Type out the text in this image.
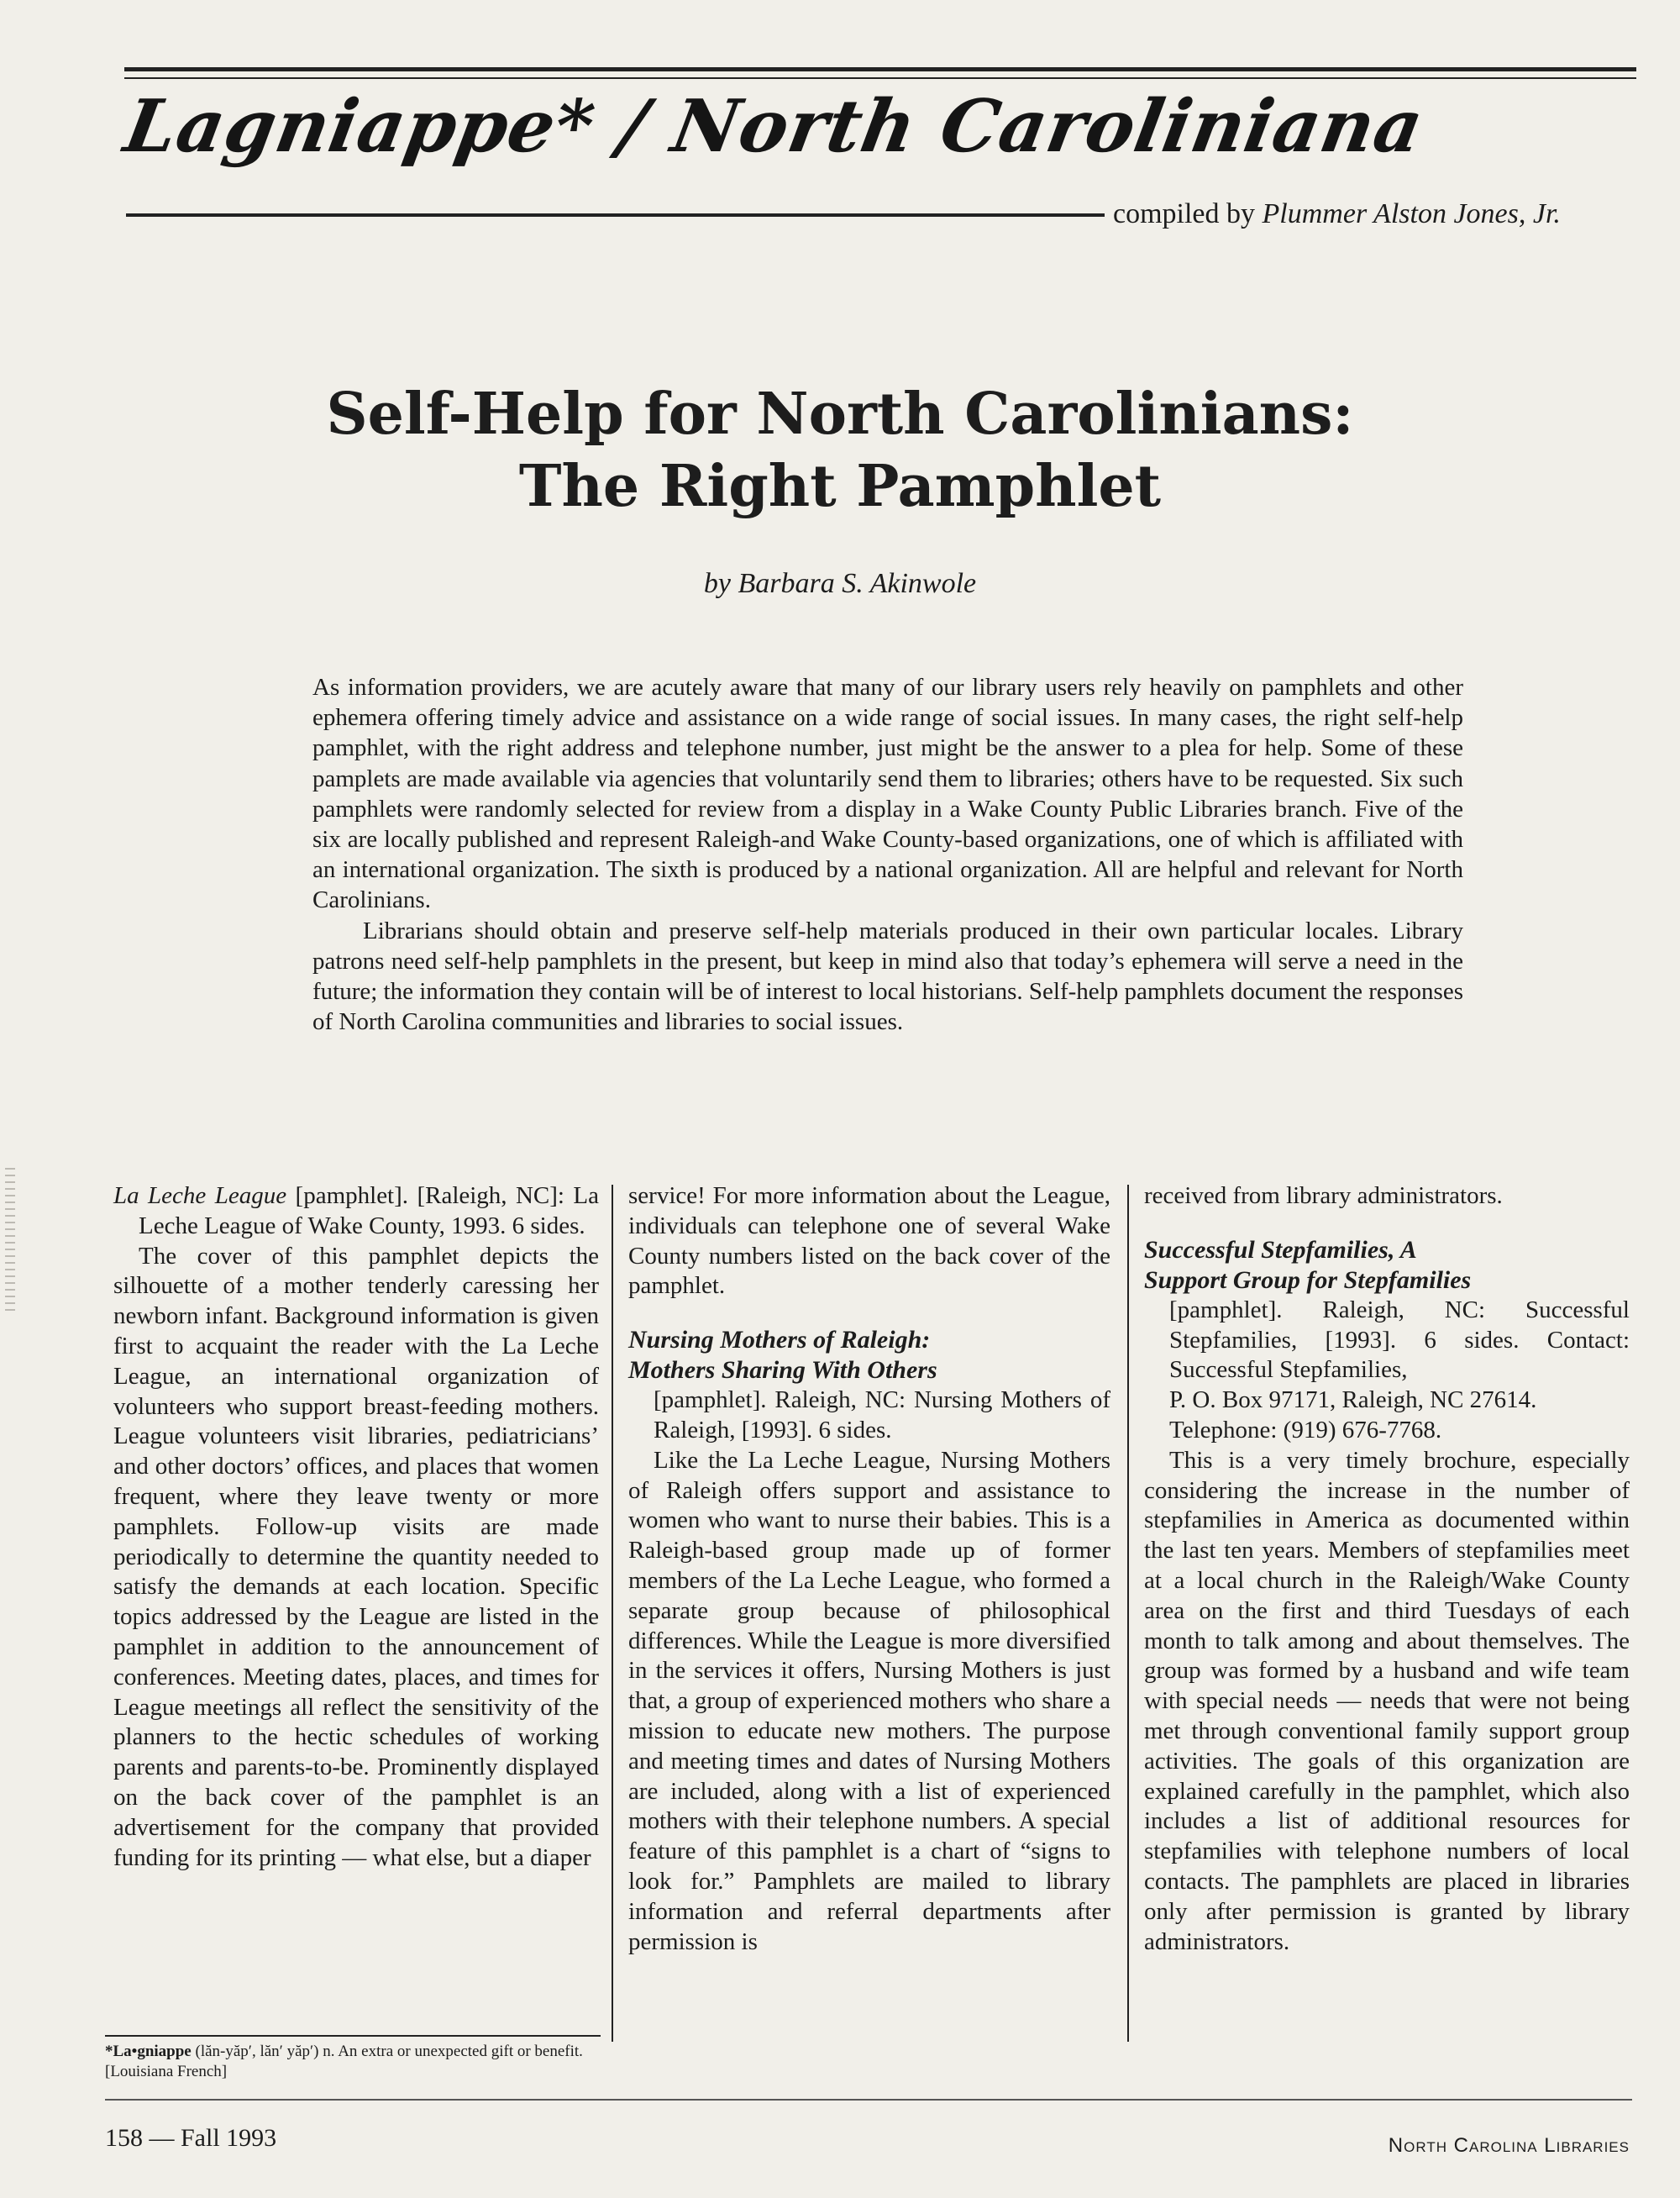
Lagniappe* / North Caroliniana
compiled by Plummer Alston Jones, Jr.
Self-Help for North Carolinians:
The Right Pamphlet
by Barbara S. Akinwole

As information providers, we are acutely aware that many of our library users rely heavily on pamphlets and other ephemera offering timely advice and assistance on a wide range of social issues. In many cases, the right self-help pamphlet, with the right address and telephone number, just might be the answer to a plea for help. Some of these pamplets are made available via agencies that voluntarily send them to libraries; others have to be requested. Six such pamphlets were randomly selected for review from a display in a Wake County Public Libraries branch. Five of the six are locally published and represent Raleigh-and Wake County-based organizations, one of which is affiliated with an international organization. The sixth is produced by a national organization. All are helpful and relevant for North Carolinians.

Librarians should obtain and preserve self-help materials produced in their own particular locales. Library patrons need self-help pamphlets in the present, but keep in mind also that today’s ephemera will serve a need in the future; the information they contain will be of interest to local historians. Self-help pamphlets document the responses of North Carolina communities and libraries to social issues.

La Leche League [pamphlet]. [Raleigh, NC]: La Leche League of Wake County, 1993. 6 sides.

The cover of this pamphlet depicts the silhouette of a mother tenderly caressing her newborn infant. Background information is given first to acquaint the reader with the La Leche League, an international organization of volunteers who support breast-feeding mothers. League volunteers visit libraries, pediatricians’ and other doctors’ offices, and places that women frequent, where they leave twenty or more pamphlets. Follow-up visits are made periodically to determine the quantity needed to satisfy the demands at each location. Specific topics addressed by the League are listed in the pamphlet in addition to the announcement of conferences. Meeting dates, places, and times for League meetings all reflect the sensitivity of the planners to the hectic schedules of working parents and parents-to-be. Prominently displayed on the back cover of the pamphlet is an advertisement for the company that provided funding for its printing — what else, but a diaper

service! For more information about the League, individuals can telephone one of several Wake County numbers listed on the back cover of the pamphlet.

Nursing Mothers of Raleigh:

Mothers Sharing With Others

[pamphlet]. Raleigh, NC: Nursing Mothers of Raleigh, [1993]. 6 sides.

Like the La Leche League, Nursing Mothers of Raleigh offers support and assistance to women who want to nurse their babies. This is a Raleigh-based group made up of former members of the La Leche League, who formed a separate group because of philosophical differences. While the League is more diversified in the services it offers, Nursing Mothers is just that, a group of experienced mothers who share a mission to educate new mothers. The purpose and meeting times and dates of Nursing Mothers are included, along with a list of experienced mothers with their telephone numbers. A special feature of this pamphlet is a chart of “signs to look for.” Pamphlets are mailed to library information and referral departments after permission is

received from library administrators.

Successful Stepfamilies, A

Support Group for Stepfamilies

[pamphlet]. Raleigh, NC: Successful Stepfamilies, [1993]. 6 sides. Contact: Successful Stepfamilies,

P. O. Box 97171, Raleigh, NC 27614.

Telephone: (919) 676-7768.

This is a very timely brochure, especially considering the increase in the number of stepfamilies in America as documented within the last ten years. Members of stepfamilies meet at a local church in the Raleigh/Wake County area on the first and third Tuesdays of each month to talk among and about themselves. The group was formed by a husband and wife team with special needs — needs that were not being met through conventional family support group activities. The goals of this organization are explained carefully in the pamphlet, which also includes a list of additional resources for stepfamilies with telephone numbers of local contacts. The pamphlets are placed in libraries only after permission is granted by library administrators.

*La•gniappe (lăn-yăp′, lăn′ yăp′) n. An extra or unexpected gift or benefit. [Louisiana French]
158 — Fall 1993	North Carolina Libraries
